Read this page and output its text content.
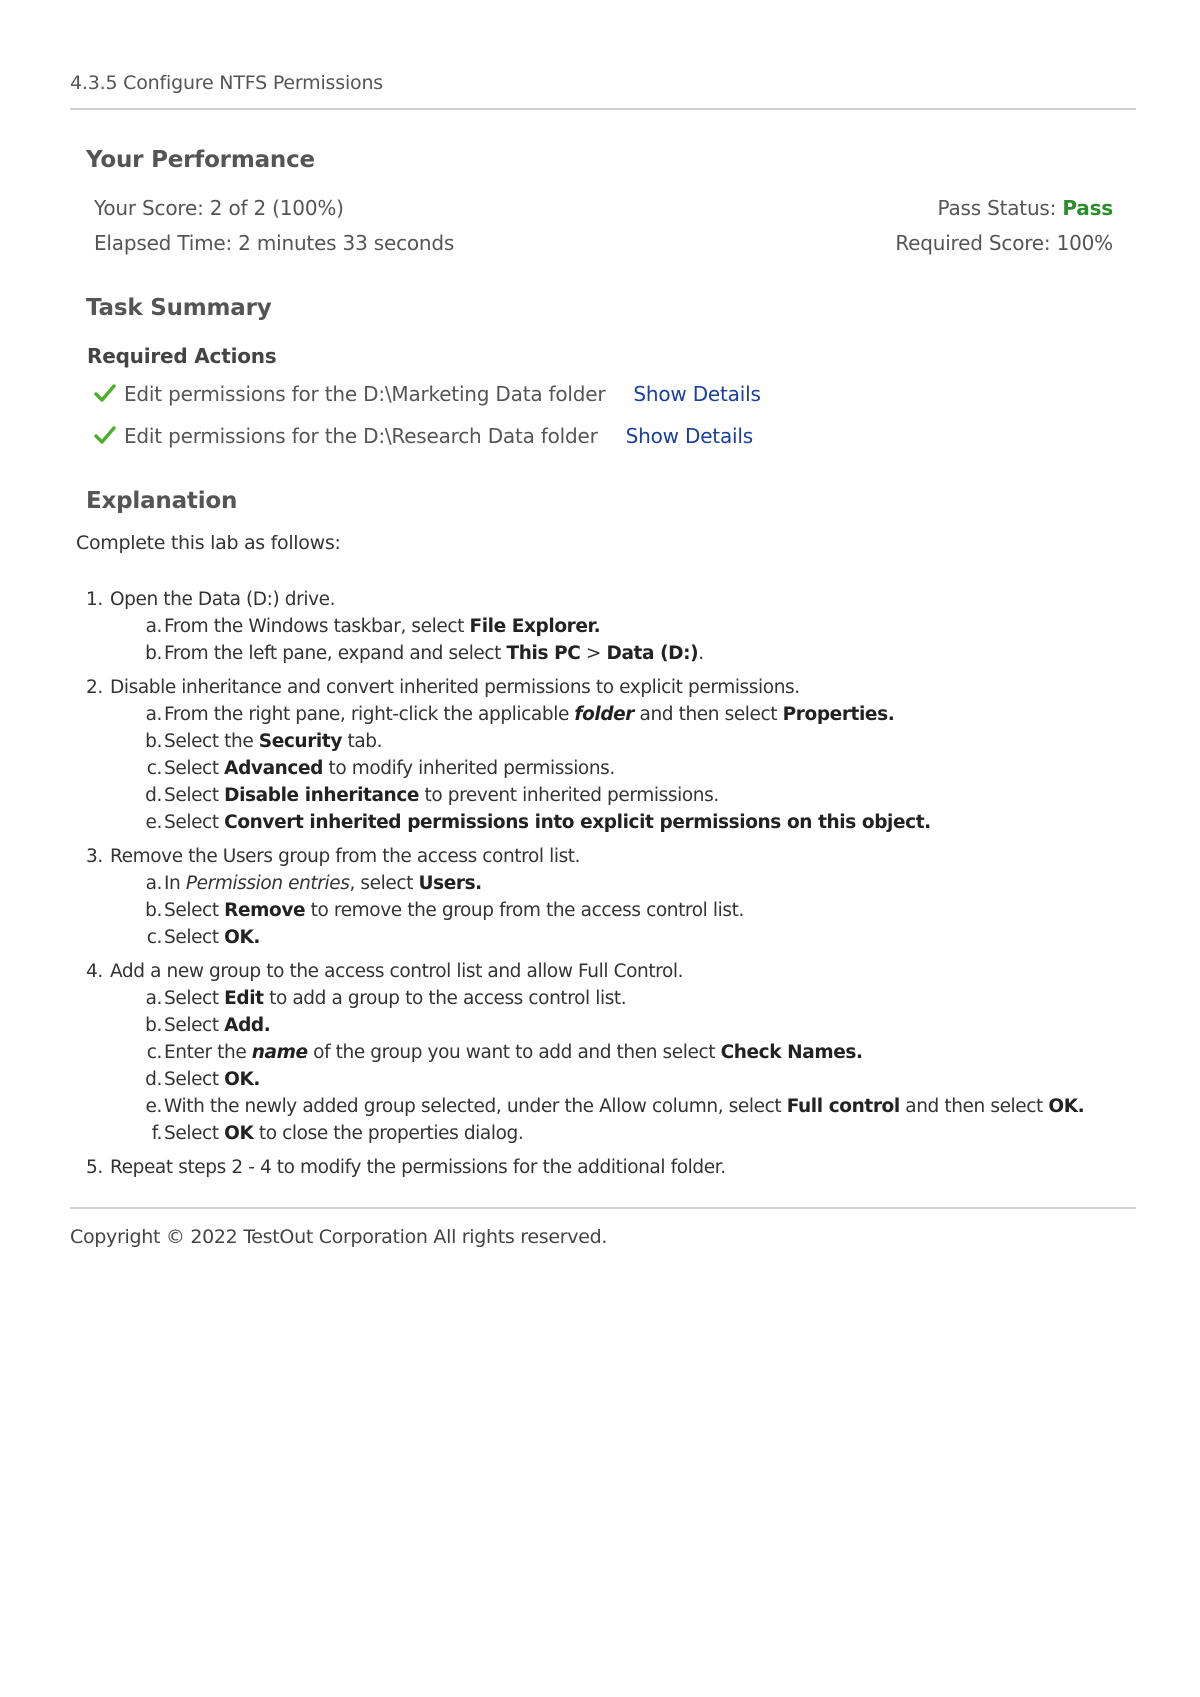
4.3.5 Configure NTFS Permissions
Your Performance
Your Score: 2 of 2 (100%)
Elapsed Time: 2 minutes 33 seconds
Pass Status: Pass
Required Score: 100%
Task Summary
Required Actions
Edit permissions for the D:\Marketing Data folder Show Details
Edit permissions for the D:\Research Data folder Show Details
Explanation
Complete this lab as follows:
1. Open the Data (D:) drive.
a. From the Windows taskbar, select File Explorer.
b. From the left pane, expand and select This PC > Data (D:).
2. Disable inheritance and convert inherited permissions to explicit permissions.
a. From the right pane, right-click the applicable folder and then select Properties.
b. Select the Security tab.
c. Select Advanced to modify inherited permissions.
d. Select Disable inheritance to prevent inherited permissions.
e. Select Convert inherited permissions into explicit permissions on this object.
3. Remove the Users group from the access control list.
a. In Permission entries, select Users.
b. Select Remove to remove the group from the access control list.
c. Select OK.
4. Add a new group to the access control list and allow Full Control.
a. Select Edit to add a group to the access control list.
b. Select Add.
c. Enter the name of the group you want to add and then select Check Names.
d. Select OK.
e. With the newly added group selected, under the Allow column, select Full control and then select OK.
f. Select OK to close the properties dialog.
5. Repeat steps 2 - 4 to modify the permissions for the additional folder.
Copyright © 2022 TestOut Corporation All rights reserved.
